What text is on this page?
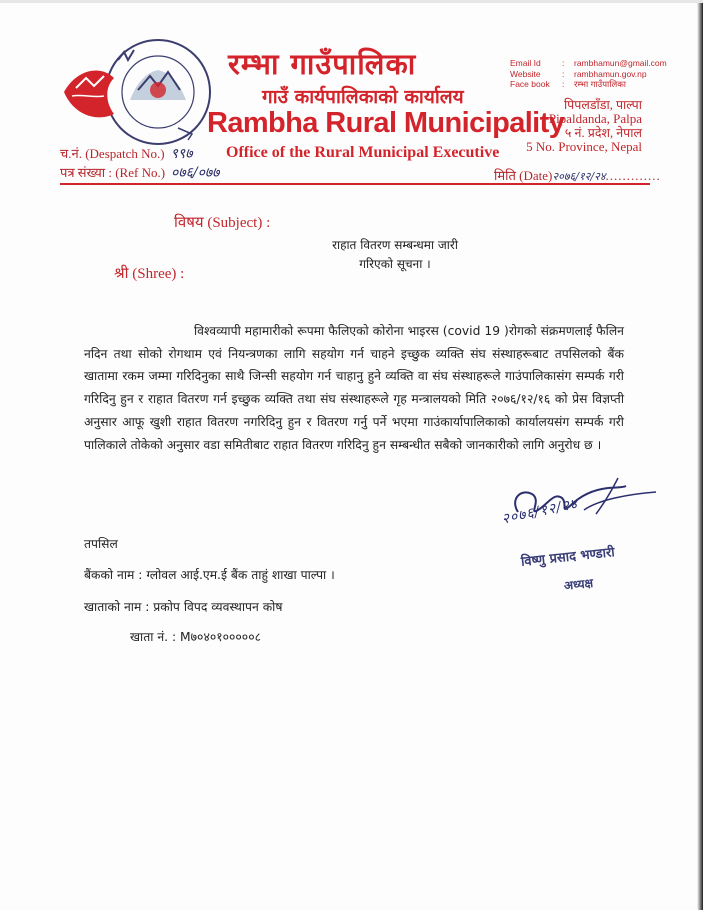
रम्भा गाउँपालिका
गाउँ कार्यपालिकाको कार्यालय
Rambha Rural Municipality
Office of the Rural Municipal Executive
Email Id	: rambhamun@gmail.com
Website	: rambhamun.gov.np
Face book : रम्भा गाउँपालिका
पिपलडाँडा, पाल्पा
Pipaldanda, Palpa
५ नं. प्रदेश, नेपाल
5 No. Province, Nepal
च.नं. (Despatch No.) ९९७
पत्र संख्या : (Ref No.) ०७६/०७७	मिति (Date)२०७६/१२/२४.............
विषय (Subject) :
राहात वितरण सम्बन्धमा जारी
गरिएको सूचना ।
श्री (Shree) :
विश्वव्यापी महामारीको रूपमा फैलिएको कोरोना भाइरस (covid 19 )रोगको संक्रमणलाई फैलिन नदिन तथा सोको रोगथाम एवं नियन्त्रणका लागि सहयोग गर्न चाहने इच्छुक व्यक्ति संघ संस्थाहरूबाट तपसिलको बैंक खातामा रकम जम्मा गरिदिनुका साथै जिन्सी सहयोग गर्न चाहानु हुने व्यक्ति वा संघ संस्थाहरूले गाउंपालिकासंग सम्पर्क गरी गरिदिनु हुन र राहात वितरण गर्न इच्छुक व्यक्ति तथा संघ संस्थाहरूले गृह मन्त्रालयको मिति २०७६/१२/१६ को प्रेस विज्ञप्ती अनुसार आफू खुशी राहात वितरण नगरिदिनु हुन र वितरण गर्नु पर्ने भएमा गाउंकार्यापालिकाको कार्यालयसंग सम्पर्क गरी पालिकाले तोकेको अनुसार वडा समितीबाट राहात वितरण गरिदिनु हुन सम्बन्धीत सबैको जानकारीको लागि अनुरोध छ ।
२०७६/१२/२४
विष्णु प्रसाद भण्डारी
अध्यक्ष
तपसिल
बैंकको नाम : ग्लोवल आई.एम.ई बैंक ताहुं शाखा पाल्पा ।
खाताको नाम : प्रकोप विपद व्यवस्थापन कोष
खाता नं. : M७०४०१०००००८
